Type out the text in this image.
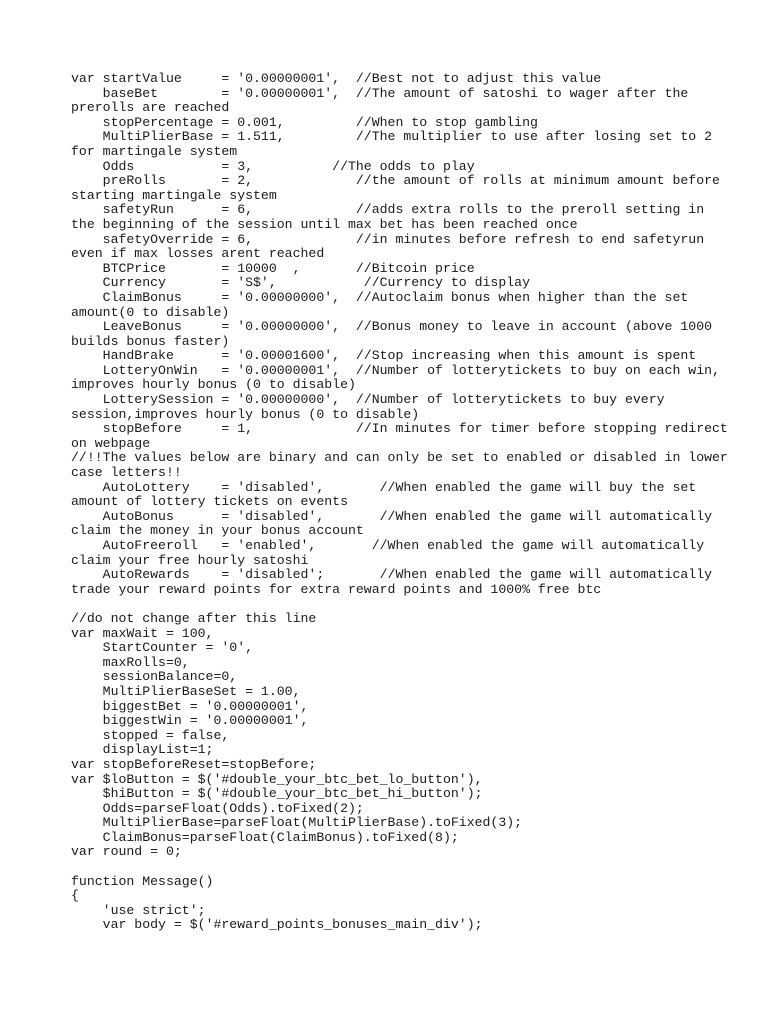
var startValue     = '0.00000001',  //Best not to adjust this value
baseBet        = '0.00000001',  //The amount of satoshi to wager after the
prerolls are reached
stopPercentage = 0.001,         //When to stop gambling
MultiPlierBase = 1.511,         //The multiplier to use after losing set to 2
for martingale system
Odds           = 3,          //The odds to play
preRolls       = 2,             //the amount of rolls at minimum amount before
starting martingale system
safetyRun      = 6,             //adds extra rolls to the preroll setting in
the beginning of the session until max bet has been reached once
safetyOverride = 6,             //in minutes before refresh to end safetyrun
even if max losses arent reached
BTCPrice       = 10000  ,       //Bitcoin price
Currency       = 'S$',           //Currency to display
ClaimBonus     = '0.00000000',  //Autoclaim bonus when higher than the set
amount(0 to disable)
LeaveBonus     = '0.00000000',  //Bonus money to leave in account (above 1000
builds bonus faster)
HandBrake      = '0.00001600',  //Stop increasing when this amount is spent
LotteryOnWin   = '0.00000001',  //Number of lotterytickets to buy on each win,
improves hourly bonus (0 to disable)
LotterySession = '0.00000000',  //Number of lotterytickets to buy every
session,improves hourly bonus (0 to disable)
stopBefore     = 1,             //In minutes for timer before stopping redirect
on webpage
//!!The values below are binary and can only be set to enabled or disabled in lower
case letters!!
AutoLottery    = 'disabled',       //When enabled the game will buy the set
amount of lottery tickets on events
AutoBonus      = 'disabled',       //When enabled the game will automatically
claim the money in your bonus account
AutoFreeroll   = 'enabled',       //When enabled the game will automatically
claim your free hourly satoshi
AutoRewards    = 'disabled';       //When enabled the game will automatically
trade your reward points for extra reward points and 1000% free btc

//do not change after this line
var maxWait = 100,
StartCounter = '0',
maxRolls=0,
sessionBalance=0,
MultiPlierBaseSet = 1.00,
biggestBet = '0.00000001',
biggestWin = '0.00000001',
stopped = false,
displayList=1;
var stopBeforeReset=stopBefore;
var $loButton = $('#double_your_btc_bet_lo_button'),
$hiButton = $('#double_your_btc_bet_hi_button');
Odds=parseFloat(Odds).toFixed(2);
MultiPlierBase=parseFloat(MultiPlierBase).toFixed(3);
ClaimBonus=parseFloat(ClaimBonus).toFixed(8);
var round = 0;

function Message()
{
'use strict';
var body = $('#reward_points_bonuses_main_div');
